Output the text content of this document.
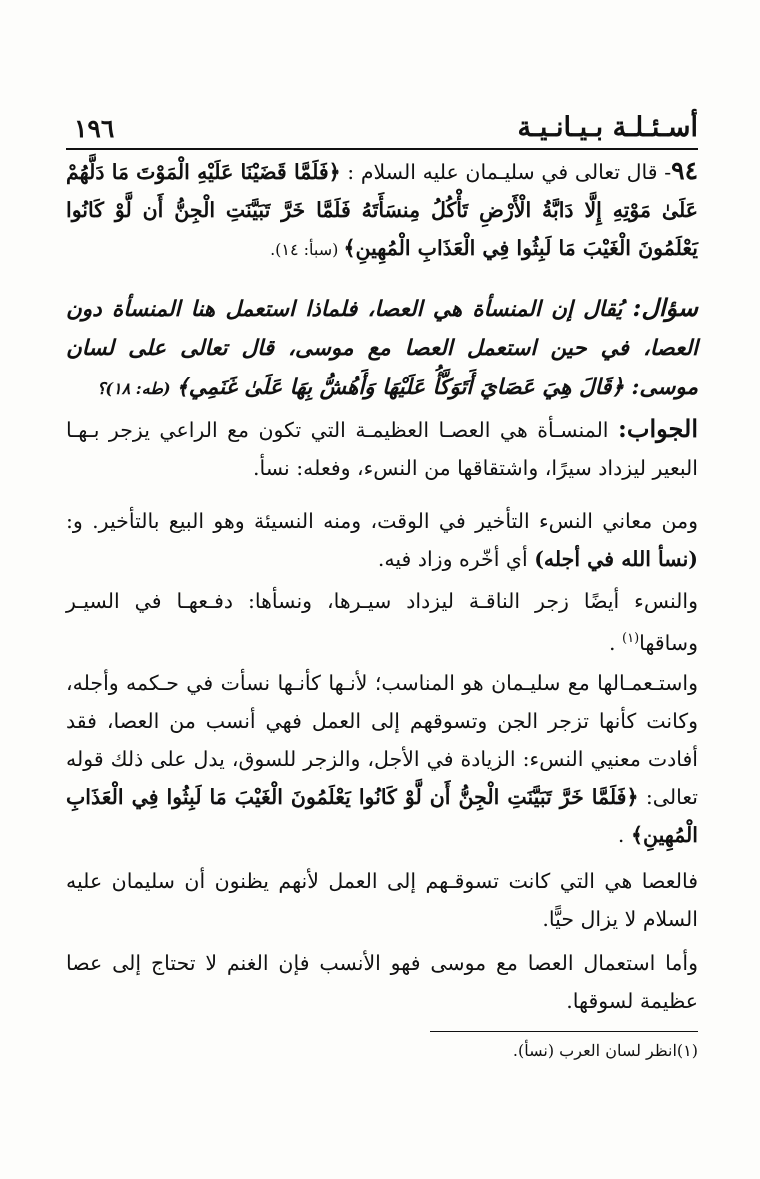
أسـئـلـة بـيـانـيـة
١٩٦
٩٤- قال تعالى في سليـمان عليه السلام : ﴿فَلَمَّا قَضَيْنَا عَلَيْهِ الْمَوْتَ مَا دَلَّهُمْ عَلَىٰ مَوْتِهِ إِلَّا دَابَّةُ الْأَرْضِ تَأْكُلُ مِنسَأَتَهُ فَلَمَّا خَرَّ تَبَيَّنَتِ الْجِنُّ أَن لَّوْ كَانُوا يَعْلَمُونَ الْغَيْبَ مَا لَبِثُوا فِي الْعَذَابِ الْمُهِينِ﴾ (سبأ: ١٤).
سؤال: يُقال إن المنسأة هي العصا، فلماذا استعمل هنا المنسأة دون العصا، في حين استعمل العصا مع موسى، قال تعالى على لسان موسى: ﴿قَالَ هِيَ عَصَايَ أَتَوَكَّأُ عَلَيْهَا وَأَهُشُّ بِهَا عَلَىٰ غَنَمِي﴾ (طه: ١٨)؟
الجواب: المنسـأة هي العصـا العظيمـة التي تكون مع الراعي يزجر بـهـا البعير ليزداد سيرًا، واشتقاقها من النسء، وفعله: نسأ.
ومن معاني النسء التأخير في الوقت، ومنه النسيئة وهو البيع بالتأخير. و: (نسأ الله في أجله) أي أخّره وزاد فيه.
والنسء أيضًا زجر الناقـة ليزداد سيـرها، ونسأها: دفـعهـا في السيـر وساقها$^{(١)}$ .
واستـعمـالها مع سليـمان هو المناسب؛ لأنـها كأنـها نسأت في حـكمه وأجله، وكانت كأنها تزجر الجن وتسوقهم إلى العمل فهي أنسب من العصا، فقد أفادت معنيي النسء: الزيادة في الأجل، والزجر للسوق، يدل على ذلك قوله تعالى: ﴿فَلَمَّا خَرَّ تَبَيَّنَتِ الْجِنُّ أَن لَّوْ كَانُوا يَعْلَمُونَ الْغَيْبَ مَا لَبِثُوا فِي الْعَذَابِ الْمُهِينِ﴾ .
فالعصا هي التي كانت تسوقـهم إلى العمل لأنهم يظنون أن سليمان عليه السلام لا يزال حيًّا.
وأما استعمال العصا مع موسى فهو الأنسب فإن الغنم لا تحتاج إلى عصا عظيمة لسوقها.
(١)انظر لسان العرب (نسأ).
